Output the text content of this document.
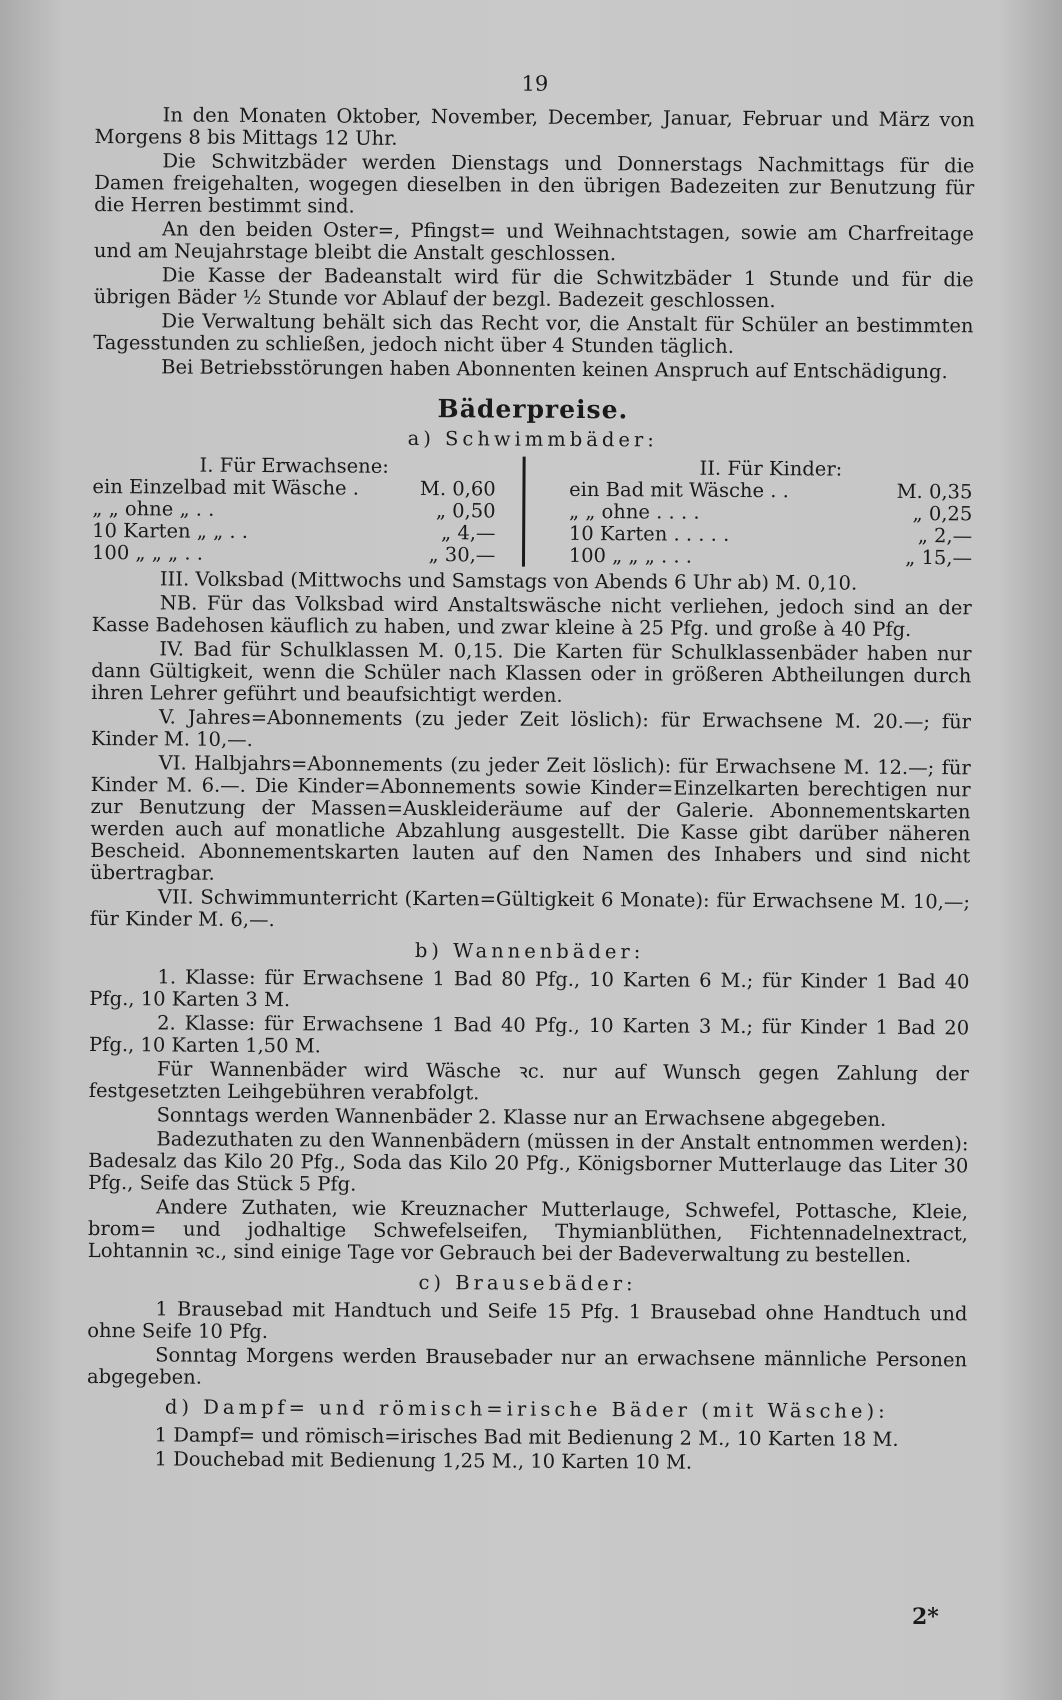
19

In den Monaten Oktober, November, December, Januar, Februar und März von Morgens 8 bis Mittags 12 Uhr.

Die Schwitzbäder werden Dienstags und Donnerstags Nachmittags für die Damen freigehalten, wogegen dieselben in den übrigen Badezeiten zur Benutzung für die Herren bestimmt sind.

An den beiden Oster=, Pfingst= und Weihnachtstagen, sowie am Charfreitage und am Neujahrstage bleibt die Anstalt geschlossen.

Die Kasse der Badeanstalt wird für die Schwitzbäder 1 Stunde und für die übrigen Bäder ½ Stunde vor Ablauf der bezgl. Badezeit geschlossen.

Die Verwaltung behält sich das Recht vor, die Anstalt für Schüler an bestimmten Tagesstunden zu schließen, jedoch nicht über 4 Stunden täglich.

Bei Betriebsstörungen haben Abonnenten keinen Anspruch auf Entschädigung.

Bäderpreise.
a) Schwimmbäder:
I. Für Erwachsene:
ein Einzelbad mit Wäsche .	M. 0,60
„ „ ohne „ . .	„ 0,50
10 Karten „ „ . .	„ 4,—
100 „ „ „ . .	„ 30,—
II. Für Kinder:
ein Bad mit Wäsche . .	M. 0,35
„ „ ohne . . . .	„ 0,25
10 Karten . . . . .	„ 2,—
100 „ „ „ . . .	„ 15,—

III. Volksbad (Mittwochs und Samstags von Abends 6 Uhr ab) M. 0,10.

NB. Für das Volksbad wird Anstaltswäsche nicht verliehen, jedoch sind an der Kasse Badehosen käuflich zu haben, und zwar kleine à 25 Pfg. und große à 40 Pfg.

IV. Bad für Schulklassen M. 0,15. Die Karten für Schulklassenbäder haben nur dann Gültigkeit, wenn die Schüler nach Klassen oder in größeren Abtheilungen durch ihren Lehrer geführt und beaufsichtigt werden.

V. Jahres=Abonnements (zu jeder Zeit löslich): für Erwachsene M. 20.—; für Kinder M. 10,—.

VI. Halbjahrs=Abonnements (zu jeder Zeit löslich): für Erwachsene M. 12.—; für Kinder M. 6.—. Die Kinder=Abonnements sowie Kinder=Einzelkarten berechtigen nur zur Benutzung der Massen=Auskleideräume auf der Galerie. Abonnementskarten werden auch auf monatliche Abzahlung ausgestellt. Die Kasse gibt darüber näheren Bescheid. Abonnementskarten lauten auf den Namen des Inhabers und sind nicht übertragbar.

VII. Schwimmunterricht (Karten=Gültigkeit 6 Monate): für Erwachsene M. 10,—; für Kinder M. 6,—.

b) Wannenbäder:

1. Klasse: für Erwachsene 1 Bad 80 Pfg., 10 Karten 6 M.; für Kinder 1 Bad 40 Pfg., 10 Karten 3 M.

2. Klasse: für Erwachsene 1 Bad 40 Pfg., 10 Karten 3 M.; für Kinder 1 Bad 20 Pfg., 10 Karten 1,50 M.

Für Wannenbäder wird Wäsche ꝛc. nur auf Wunsch gegen Zahlung der festgesetzten Leihgebühren verabfolgt.

Sonntags werden Wannenbäder 2. Klasse nur an Erwachsene abgegeben.

Badezuthaten zu den Wannenbädern (müssen in der Anstalt entnommen werden): Badesalz das Kilo 20 Pfg., Soda das Kilo 20 Pfg., Königsborner Mutterlauge das Liter 30 Pfg., Seife das Stück 5 Pfg.

Andere Zuthaten, wie Kreuznacher Mutterlauge, Schwefel, Pottasche, Kleie, brom= und jodhaltige Schwefelseifen, Thymianblüthen, Fichtennadelnextract, Lohtannin ꝛc., sind einige Tage vor Gebrauch bei der Badeverwaltung zu bestellen.

c) Brausebäder:

1 Brausebad mit Handtuch und Seife 15 Pfg. 1 Brausebad ohne Handtuch und ohne Seife 10 Pfg.

Sonntag Morgens werden Brausebader nur an erwachsene männliche Personen abgegeben.

d) Dampf= und römisch=irische Bäder (mit Wäsche):

1 Dampf= und römisch=irisches Bad mit Bedienung 2 M., 10 Karten 18 M.

1 Douchebad mit Bedienung 1,25 M., 10 Karten 10 M.

2*
